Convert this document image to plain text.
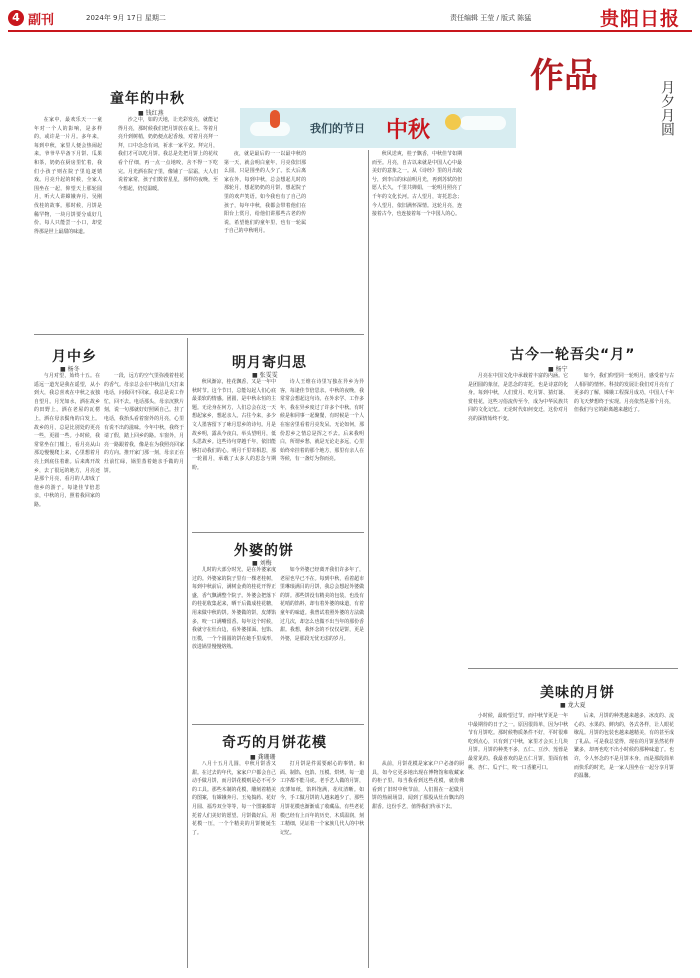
4 副刊	2024年 9月 17日 星期二	责任编辑 王莹 / 版式 陈猛	贵阳日报
我们的节日 中秋
作品
月夕月圆
童年的中秋
■ 钱红燕

在家中，最欢乐天一一童年对一个人的影响，是多样的，或许是一片月。多年来，每到中秋，家里人便会热闹起来。爷爷早早备下月饼、瓜果和茶，奶奶在厨房里忙着，我们小孩子则在院子里追逐嬉戏。月亮升起的时候，全家人围坐在一起，仰望天上那轮圆月，听大人讲嫦娥奔月、吴刚伐桂的故事。那时候，月饼是稀罕物，一块月饼要分成好几份，每人只能尝一小口，却觉得那是世上最甜的味道。

沙之中，如的天地，让光彩发亮，就能记得月亮，那时候我们把月饼放在桌上，等着月亮升到树梢，奶奶便点起香烛，对着月亮拜一拜，口中念念有词，祈求一家平安。拜完月，我们才可以吃月饼。我总是先把月饼上的花纹看个仔细，再一点一点地咬，舍不得一下吃完。月光洒在院子里，像铺了一层霜，大人们说着家常，孩子们数着星星，那样的夜晚，至今想起，仍觉温暖。

夜，就是最后的一一以最中秋的第一天，就会明白童年，月亮依旧那么圆，只是围坐的人少了。长大后离家在外，每到中秋，总会想起儿时的那轮月，想起奶奶的月饼，想起院子里的欢声笑语。如今我也有了自己的孩子，每年中秋，我都会带着他们在阳台上赏月，给他们讲那些古老的传说，希望他们的童年里，也有一轮属于自己的中秋明月。

月中乡
■ 杨冬

与月对望，始终十五。在遥远一道光是我在遥望，从小到大，我总喜欢在中秋之夜独自望月。月光如水，洒在故乡的田野上，洒在老屋的瓦楞上，洒在母亲鬓角的白发上。故乡的月，总是比别处的更亮一些，更圆一些。小时候，我常常坐在门槛上，看月亮从山那边慢慢爬上来，心里想着月亮上到底住着谁。后来离开故乡，去了很远的地方，月亮还是那个月亮，看月的人却成了他乡的游子。每逢佳节倍思亲，中秋的月，照着我回家的路。

一段，远方的空气里弥漫着桂花的香气。母亲总会在中秋前几天打来电话，问我回不回家。我总是说工作忙，回不去。电话那头，母亲沉默片刻，说一句那就好好照顾自己。挂了电话，我抬头看着窗外的月亮，心里有说不出的滋味。今年中秋，我终于请了假，踏上回乡的路。车窗外，月亮一路跟着我，像是在为我照亮回家的方向。推开家门那一刻，母亲正在灶前忙碌，锅里蒸着她亲手做的月饼。

明月寄归思
■ 张雯雯

秋风渐凉，桂花飘香，又是一年中秋时节。这个节日，总能勾起人们心底最柔软的情感。团圆，是中秋永恒的主题。无论身在何方，人们总会在这一天想起家乡，想起亲人。古往今来，多少文人墨客留下了咏月思乡的诗句。月是故乡明，露从今夜白。举头望明月，低头思故乡。这些诗句穿越千年，依旧能够打动我们的心。明月千里寄相思，那一轮圆月，承载了太多人的思念与期盼。

诗人王维在诗里写独在异乡为异客，每逢佳节倍思亲。中秋的夜晚，我常常会想起这句诗。在外求学、工作多年，我在异乡度过了许多个中秋。有时候是和同事一起聚餐，有时候是一个人在宿舍里看着月亮发呆。无论如何，那份思乡之情总是挥之不去。后来我明白，所谓乡愁，就是无论走多远，心里始终牵挂着的那个地方，那里有亲人在等候，有一盏灯为你而亮。

外婆的饼
■ 刘梅

儿时的大部分时光，是在外婆家度过的。外婆家的院子里有一棵老桂树，每到中秋前后，满树金黄的桂花开得正盛，香气飘满整个院子。外婆会把落下的桂花收集起来，晒干后做成桂花糖，用来做中秋的饼。外婆做的饼，皮薄馅多，咬一口满嘴留香。每年这个时候，我就守在灶台边，看外婆揉面、包馅、压模，一个个圆圆的饼在她手里成形，放进锅里慢慢烙熟。

如今外婆已经离开我们许多年了，老屋也早已不在。每到中秋，看着超市里琳琅满目的月饼，我总会想起外婆做的饼。那些饼没有精美的包装，也没有花哨的馅料，却有着外婆的味道，有着童年的味道。我曾试着照外婆的方法做过几次，却怎么也做不出当年的那份香甜。我想，我怀念的不仅仅是饼，更是外婆，是那段无忧无虑的岁月。

奇巧的月饼花模
■ 龚珊珊

八月十五月儿圆，中秋月饼香又甜。在过去的年代，家家户户都会自己动手做月饼，而月饼花模则是必不可少的工具。那些木制的花模，雕刻着精美的图案，有嫦娥奔月、玉兔捣药、花好月圆、福寿双全等等，每一个图案都寄托着人们美好的愿望。月饼做好后，用花模一压，一个个精美的月饼便诞生了。

打月饼是件需要耐心的事情。和面、制馅、包馅、压模、烘烤，每一道工序都不能马虎。老手艺人做的月饼，皮薄如纸，馅料饱满，花纹清晰。如今，手工做月饼的人越来越少了，那些月饼花模也渐渐成了收藏品。有些老花模已经有上百年的历史，木质温润，刻工精细，见证着一个家族几代人的中秋记忆。

从前，月饼花模是家家户户必备的厨具，如今它更多地出现在博物馆和收藏家的柜子里。每当我看到这些花模，就仿佛看到了旧时中秋节前，人们围在一起做月饼的热闹场景，闻到了那股从灶台飘出的甜香。这份手艺，值得我们传承下去。

古今一轮吾尖“月”
■ 杨宁

秋风送爽，桂子飘香，中秋佳节如期而至。月亮，自古以来就是中国人心中最美好的意象之一。从《诗经》里的月出皎兮，到李白的床前明月光，再到苏轼的但愿人长久，千里共婵娟，一轮明月照亮了千年的文化长河。古人望月，寄托思念；今人望月，依旧满怀深情。这轮月亮，连接着古今，也连接着每一个中国人的心。

月亮在中国文化中承载着丰富的内涵。它是团圆的象征，是思念的寄托，也是诗意的化身。每到中秋，人们赏月、吃月饼、猜灯谜、赏桂花，这些习俗流传至今，成为中华民族共同的文化记忆。无论时代如何变迁，这份对月亮的深情始终不变。

如今，我们仰望同一轮明月，感受着与古人相同的情怀。科技的发展让我们对月亮有了更多的了解，嫦娥工程探月成功，中国人千年的飞天梦想终于实现。月亮依然是那个月亮，但我们与它的距离越来越近了。

美味的月饼
■ 龙大夏

小时候，最盼望过节，而中秋节更是一年中最期待的日子之一。原因很简单，因为中秋节有月饼吃。那时候物质条件不好，平时很难吃到点心，只有到了中秋，家里才会买上几块月饼。月饼的种类不多，五仁、豆沙、莲蓉是最常见的。我最喜欢的是五仁月饼，里面有核桃、杏仁、瓜子仁，咬一口香脆可口。

后来，月饼的种类越来越多，冰皮的、流心的、水果的、鲜肉的，各式各样，让人眼花缭乱。月饼的包装也越来越精美，有的甚至成了礼品。可是我总觉得，现在的月饼虽然花样繁多，却再也吃不出小时候的那种味道了。也许，令人怀念的不是月饼本身，而是那段简单而快乐的时光，是一家人围坐在一起分享月饼的温馨。
